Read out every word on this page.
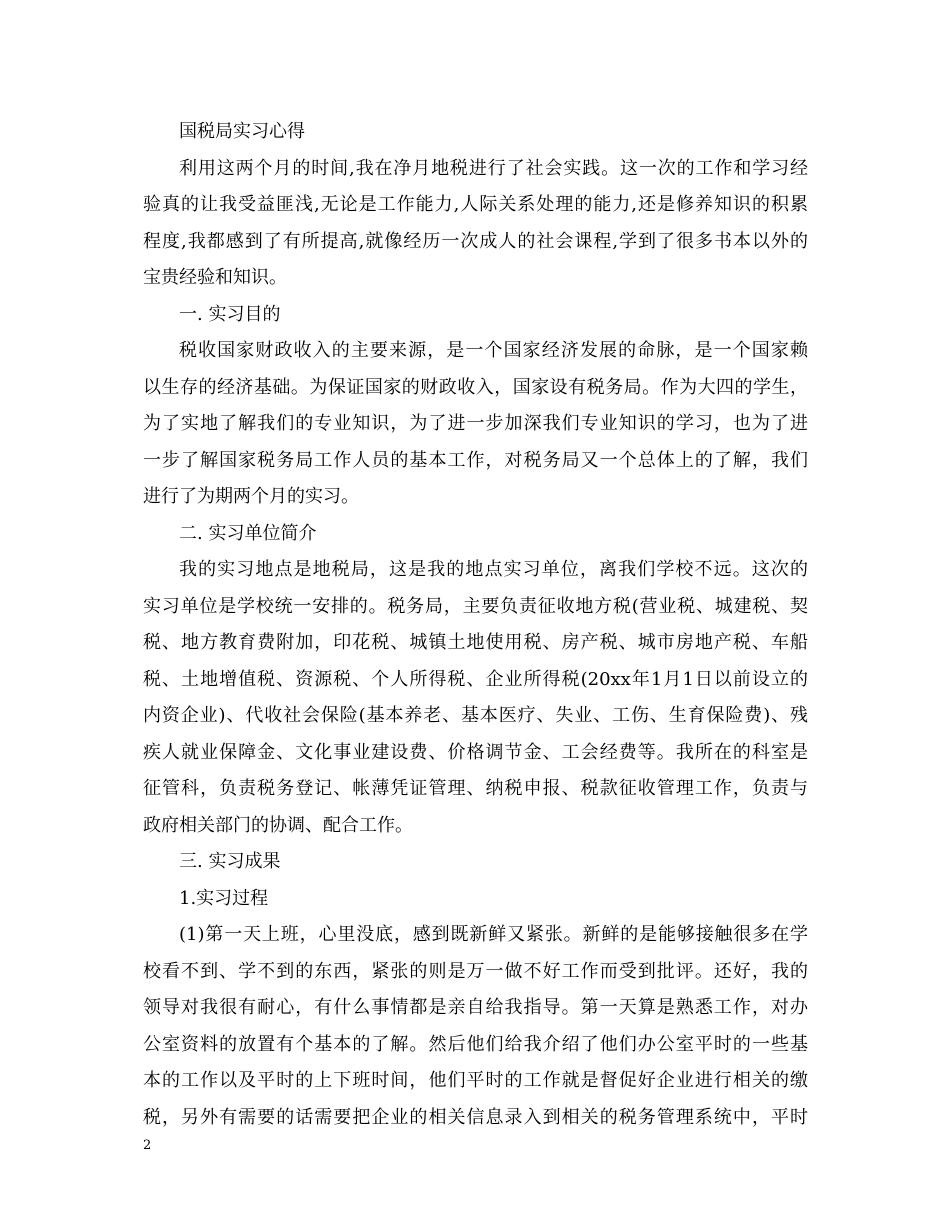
国税局实习心得
利用这两个月的时间,我在净月地税进行了社会实践。这一次的工作和学习经
验真的让我受益匪浅,无论是工作能力,人际关系处理的能力,还是修养知识的积累
程度,我都感到了有所提高,就像经历一次成人的社会课程,学到了很多书本以外的
宝贵经验和知识。
一. 实习目的
税收国家财政收入的主要来源，是一个国家经济发展的命脉，是一个国家赖
以生存的经济基础。为保证国家的财政收入，国家设有税务局。作为大四的学生，
为了实地了解我们的专业知识，为了进一步加深我们专业知识的学习，也为了进
一步了解国家税务局工作人员的基本工作，对税务局又一个总体上的了解，我们
进行了为期两个月的实习。
二. 实习单位简介
我的实习地点是地税局，这是我的地点实习单位，离我们学校不远。这次的
实习单位是学校统一安排的。税务局，主要负责征收地方税(营业税、城建税、契
税、地方教育费附加，印花税、城镇土地使用税、房产税、城市房地产税、车船
税、土地增值税、资源税、个人所得税、企业所得税(20xx年1月1日以前设立的
内资企业)、代收社会保险(基本养老、基本医疗、失业、工伤、生育保险费)、残
疾人就业保障金、文化事业建设费、价格调节金、工会经费等。我所在的科室是
征管科，负责税务登记、帐薄凭证管理、纳税申报、税款征收管理工作，负责与
政府相关部门的协调、配合工作。
三. 实习成果
1.实习过程
(1)第一天上班，心里没底，感到既新鲜又紧张。新鲜的是能够接触很多在学
校看不到、学不到的东西，紧张的则是万一做不好工作而受到批评。还好，我的
领导对我很有耐心，有什么事情都是亲自给我指导。第一天算是熟悉工作，对办
公室资料的放置有个基本的了解。然后他们给我介绍了他们办公室平时的一些基
本的工作以及平时的上下班时间，他们平时的工作就是督促好企业进行相关的缴
税，另外有需要的话需要把企业的相关信息录入到相关的税务管理系统中，平时
2
